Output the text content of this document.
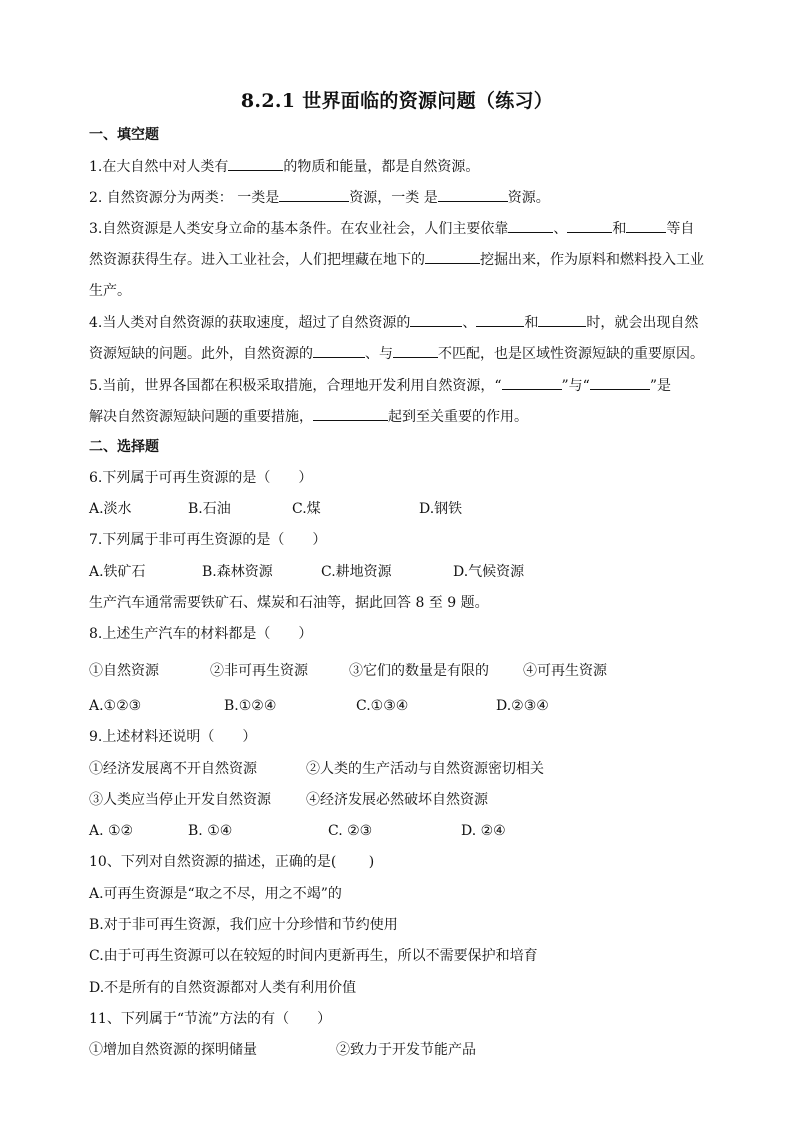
8.2.1 世界面临的资源问题（练习）
一、填空题
1.在大自然中对人类有	的物质和能量，都是自然资源。
2. 自然资源分为两类： 一类是	资源，一类 是	资源。
3.自然资源是人类安身立命的基本条件。在农业社会，人们主要依靠	、	和	等自
然资源获得生存。进入工业社会，人们把埋藏在地下的	挖掘出来，作为原料和燃料投入工业
生产。
4.当人类对自然资源的获取速度，超过了自然资源的	、	和	时，就会出现自然
资源短缺的问题。此外，自然资源的	、与	不匹配，也是区域性资源短缺的重要原因。
5.当前，世界各国都在积极采取措施，合理地开发利用自然资源，“	”与“	”是
解决自然资源短缺问题的重要措施，	起到至关重要的作用。
二、选择题
6.下列属于可再生资源的是（　　）
A.淡水	B.石油	C.煤	D.钢铁
7.下列属于非可再生资源的是（　　）
A.铁矿石	B.森林资源	C.耕地资源	D.气候资源
生产汽车通常需要铁矿石、煤炭和石油等，据此回答 8 至 9 题。
8.上述生产汽车的材料都是（　　）
①自然资源	②非可再生资源	③它们的数量是有限的 ④可再生资源
A.①②③	B.①②④	C.①③④	D.②③④
9.上述材料还说明（　　）
①经济发展离不开自然资源	②人类的生产活动与自然资源密切相关
③人类应当停止开发自然资源	④经济发展必然破坏自然资源
A. ①②	B. ①④	C. ②③	D. ②④
10、下列对自然资源的描述，正确的是(　　 )
A.可再生资源是“取之不尽，用之不竭”的
B.对于非可再生资源，我们应十分珍惜和节约使用
C.由于可再生资源可以在较短的时间内更新再生，所以不需要保护和培育
D.不是所有的自然资源都对人类有利用价值
11、下列属于“节流”方法的有（　　）
①增加自然资源的探明储量	②致力于开发节能产品
